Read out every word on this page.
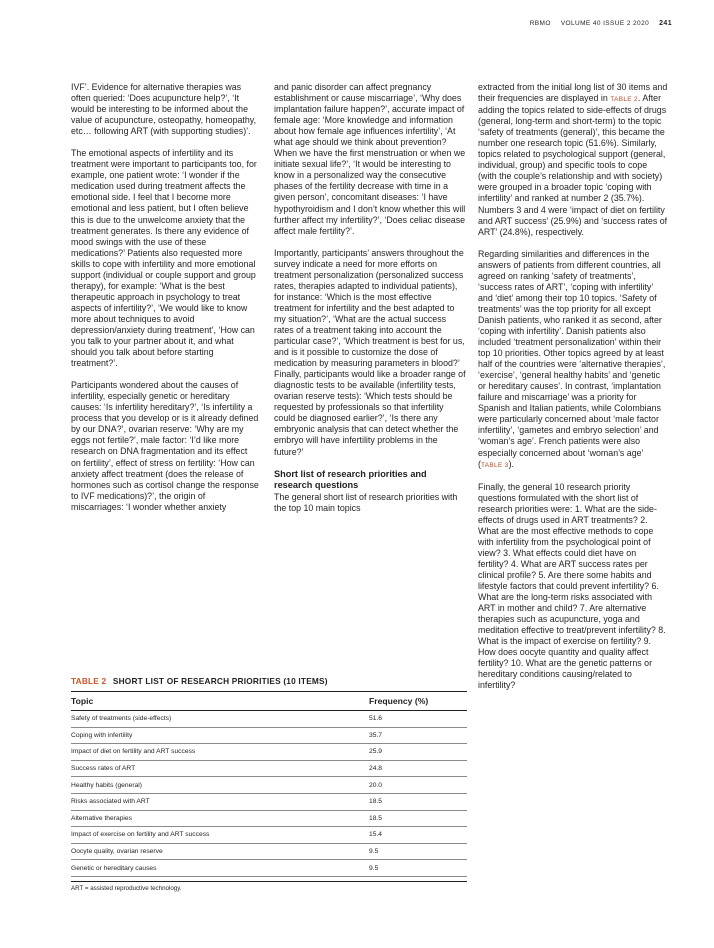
RBMO VOLUME 40 ISSUE 2 2020 241

IVF’. Evidence for alternative therapies was often queried: ‘Does acupuncture help?’, ‘It would be interesting to be informed about the value of acupuncture, osteopathy, homeopathy, etc… following ART (with supporting studies)’.

The emotional aspects of infertility and its treatment were important to participants too, for example, one patient wrote: ‘I wonder if the medication used during treatment affects the emotional side. I feel that I become more emotional and less patient, but I often believe this is due to the unwelcome anxiety that the treatment generates. Is there any evidence of mood swings with the use of these medications?’ Patients also requested more skills to cope with infertility and more emotional support (individual or couple support and group therapy), for example: ‘What is the best therapeutic approach in psychology to treat aspects of infertility?’, ‘We would like to know more about techniques to avoid depression/anxiety during treatment’, ‘How can you talk to your partner about it, and what should you talk about before starting treatment?’.

Participants wondered about the causes of infertility, especially genetic or hereditary causes: ‘Is infertility hereditary?’, ‘Is infertility a process that you develop or is it already defined by our DNA?’, ovarian reserve: ‘Why are my eggs not fertile?’, male factor: ‘I’d like more research on DNA fragmentation and its effect on fertility’, effect of stress on fertility: ‘How can anxiety affect treatment (does the release of hormones such as cortisol change the response to IVF medications)?’, the origin of miscarriages: ‘I wonder whether anxiety

and panic disorder can affect pregnancy establishment or cause miscarriage’, ‘Why does implantation failure happen?’, accurate impact of female age: ‘More knowledge and information about how female age influences infertility’, ‘At what age should we think about prevention? When we have the first menstruation or when we initiate sexual life?’, ‘It would be interesting to know in a personalized way the consecutive phases of the fertility decrease with time in a given person’, concomitant diseases: ‘I have hypothyroidism and I don’t know whether this will further affect my infertility?’, ‘Does celiac disease affect male fertility?’.

Importantly, participants’ answers throughout the survey indicate a need for more efforts on treatment personalization (personalized success rates, therapies adapted to individual patients), for instance: ‘Which is the most effective treatment for infertility and the best adapted to my situation?’, ‘What are the actual success rates of a treatment taking into account the particular case?’, ‘Which treatment is best for us, and is it possible to customize the dose of medication by measuring parameters in blood?’ Finally, participants would like a broader range of diagnostic tests to be available (infertility tests, ovarian reserve tests): ‘Which tests should be requested by professionals so that infertility could be diagnosed earlier?’, ‘Is there any embryonic analysis that can detect whether the embryo will have infertility problems in the future?’

Short list of research priorities and research questions

The general short list of research priorities with the top 10 main topics

extracted from the initial long list of 30 items and their frequencies are displayed in TABLE 2. After adding the topics related to side-effects of drugs (general, long-term and short-term) to the topic ‘safety of treatments (general)’, this became the number one research topic (51.6%). Similarly, topics related to psychological support (general, individual, group) and specific tools to cope (with the couple’s relationship and with society) were grouped in a broader topic ‘coping with infertility’ and ranked at number 2 (35.7%). Numbers 3 and 4 were ‘impact of diet on fertility and ART success’ (25.9%) and ‘success rates of ART’ (24.8%), respectively.

Regarding similarities and differences in the answers of patients from different countries, all agreed on ranking ‘safety of treatments’, ‘success rates of ART’, ‘coping with infertility’ and ‘diet’ among their top 10 topics. ‘Safety of treatments’ was the top priority for all except Danish patients, who ranked it as second, after ‘coping with infertility’. Danish patients also included ‘treatment personalization’ within their top 10 priorities. Other topics agreed by at least half of the countries were ‘alternative therapies’, ‘exercise’, ‘general healthy habits’ and ‘genetic or hereditary causes’. In contrast, ‘implantation failure and miscarriage’ was a priority for Spanish and Italian patients, while Colombians were particularly concerned about ‘male factor infertility’, ‘gametes and embryo selection’ and ‘woman’s age’. French patients were also especially concerned about ‘woman’s age’ (TABLE 3).

Finally, the general 10 research priority questions formulated with the short list of research priorities were: 1. What are the side-effects of drugs used in ART treatments? 2. What are the most effective methods to cope with infertility from the psychological point of view? 3. What effects could diet have on fertility? 4. What are ART success rates per clinical profile? 5. Are there some habits and lifestyle factors that could prevent infertility? 6. What are the long-term risks associated with ART in mother and child? 7. Are alternative therapies such as acupuncture, yoga and meditation effective to treat/prevent infertility? 8. What is the impact of exercise on fertility? 9. How does oocyte quantity and quality affect fertility? 10. What are the genetic patterns or hereditary conditions causing/related to infertility?

TABLE 2 SHORT LIST OF RESEARCH PRIORITIES (10 ITEMS)
Topic	Frequency (%)
Safety of treatments (side-effects)	51.6
Coping with infertility	35.7
Impact of diet on fertility and ART success	25.9
Success rates of ART	24.8
Healthy habits (general)	20.0
Risks associated with ART	18.5
Alternative therapies	18.5
Impact of exercise on fertility and ART success	15.4
Oocyte quality, ovarian reserve	9.5
Genetic or hereditary causes	9.5
ART = assisted reproductive technology.
